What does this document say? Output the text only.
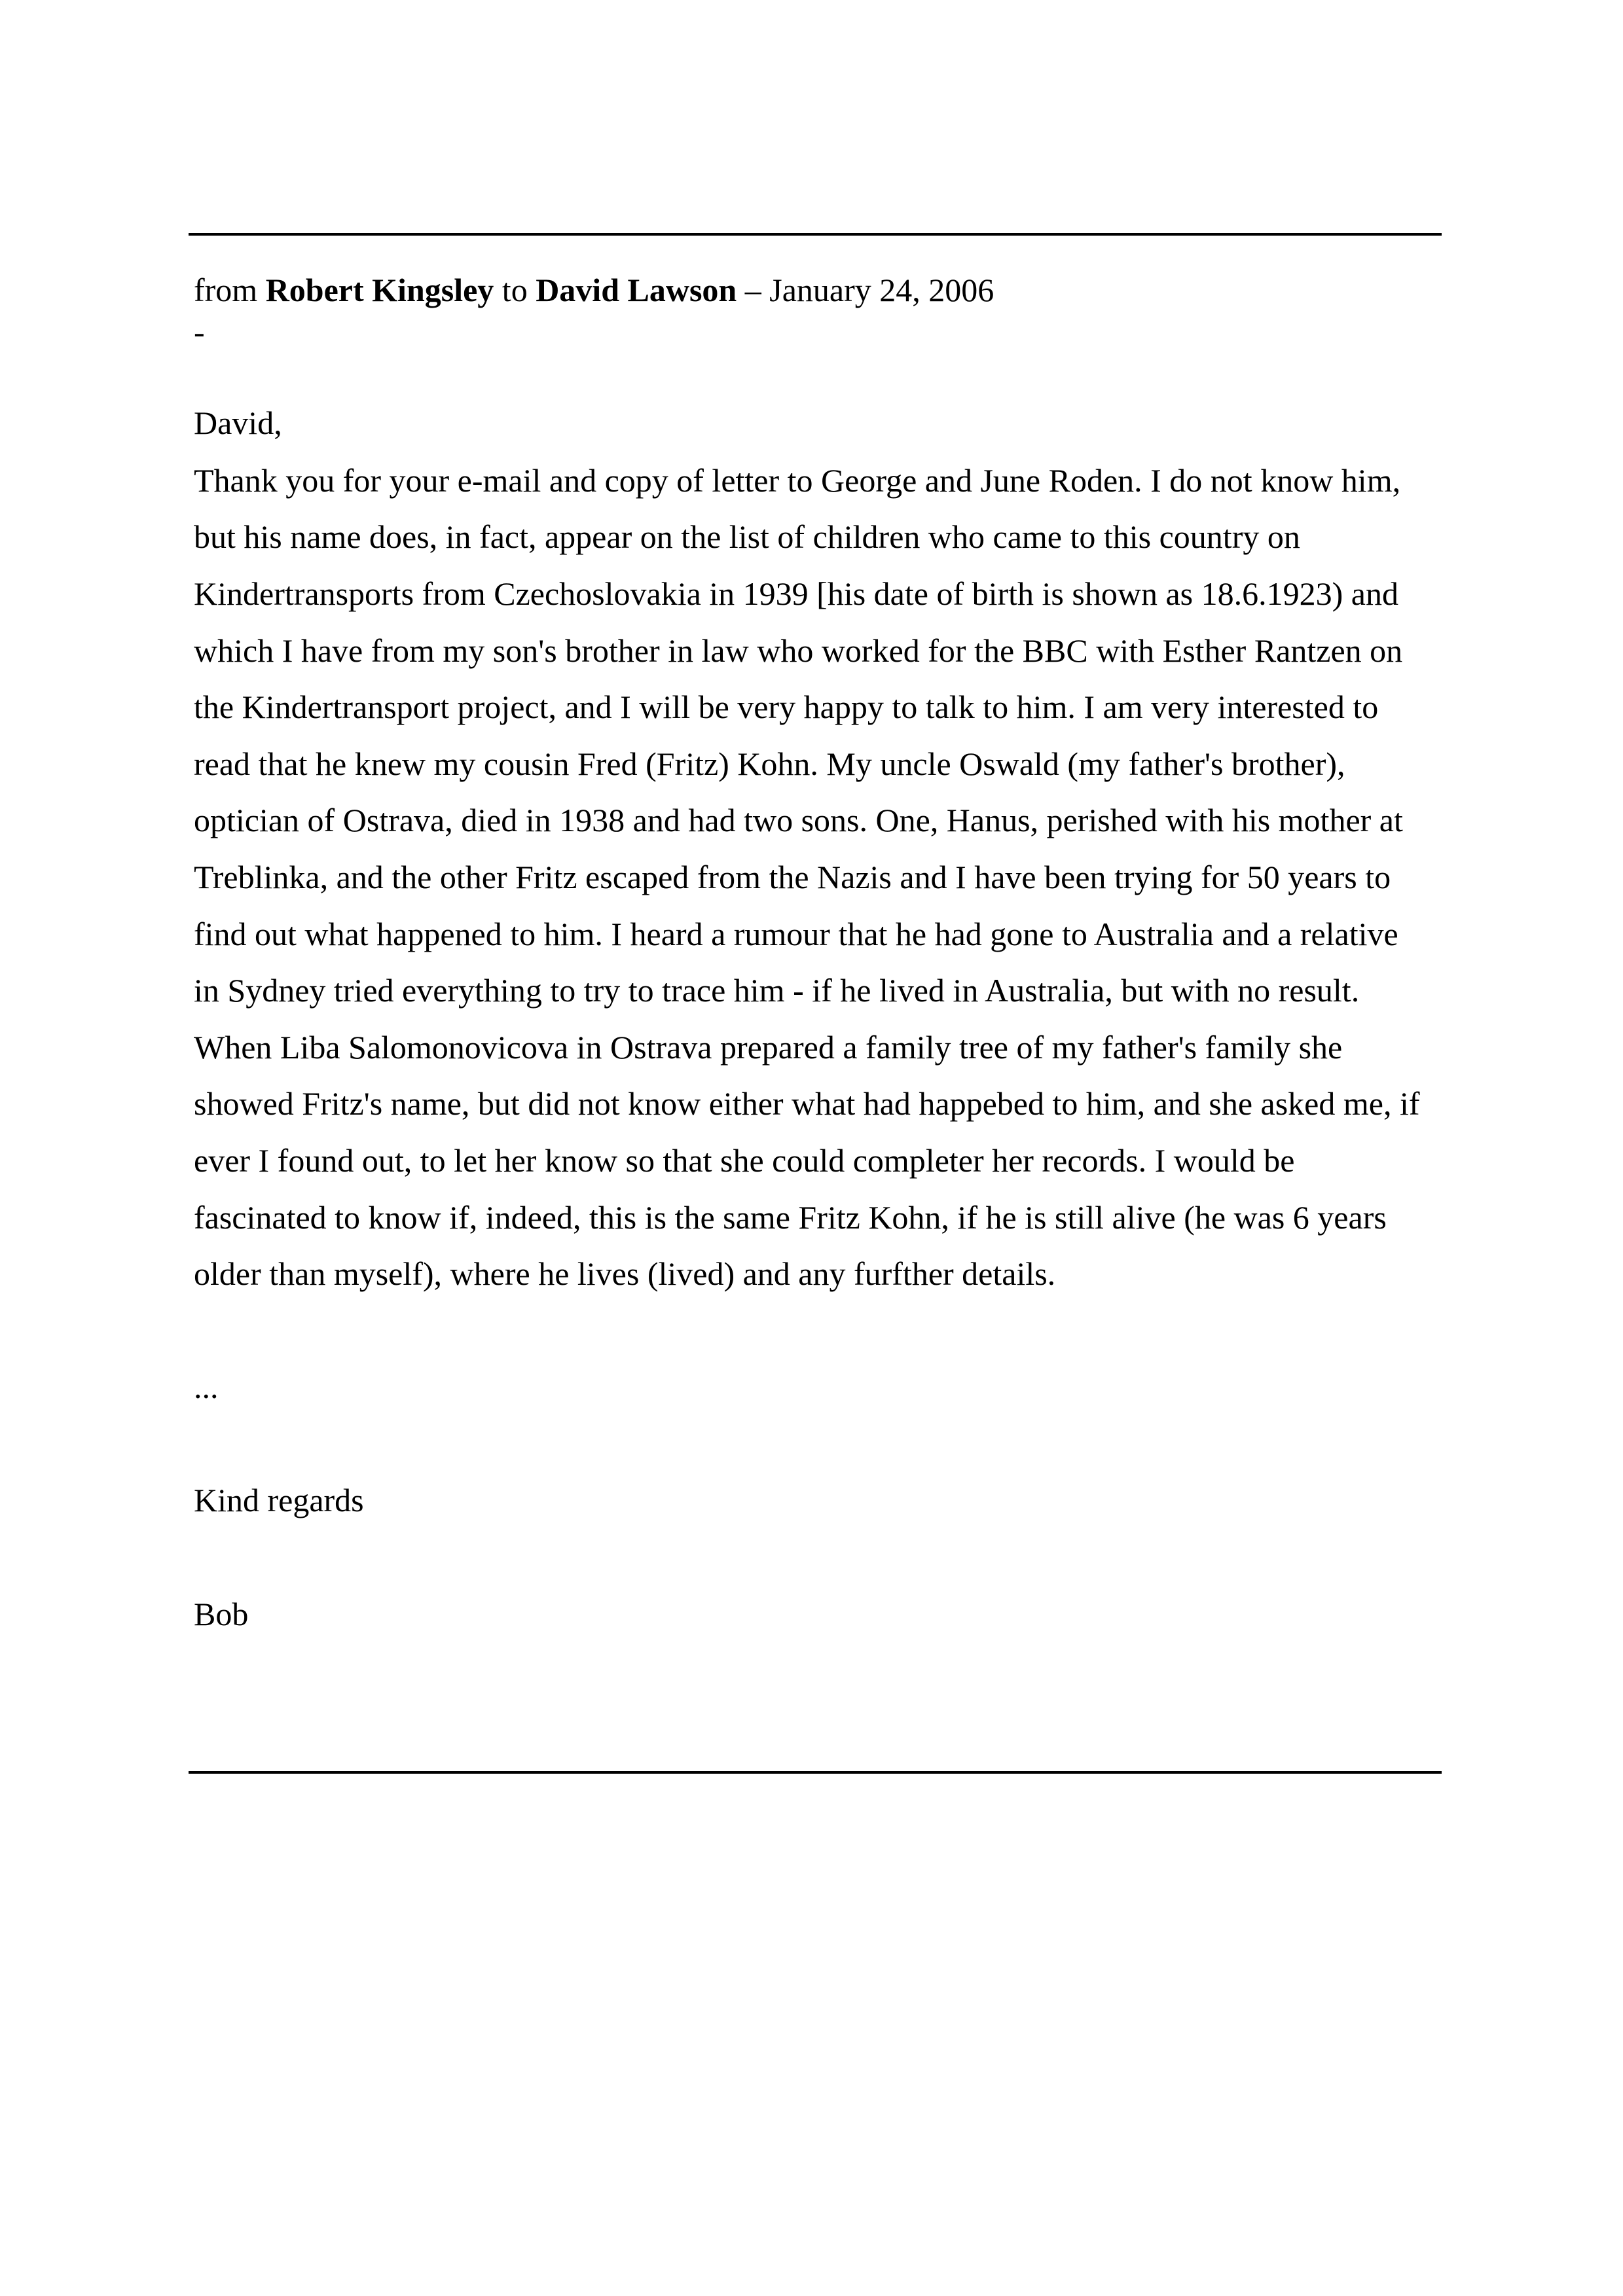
from Robert Kingsley to David Lawson – January 24, 2006

-

David,

Thank you for your e-mail and copy of letter to George and June Roden. I do not know him,

but his name does, in fact, appear on the list of children who came to this country on

Kindertransports from Czechoslovakia in 1939 [his date of birth is shown as 18.6.1923) and

which I have from my son's brother in law who worked for the BBC with Esther Rantzen on

the Kindertransport project, and I will be very happy to talk to him. I am very interested to

read that he knew my cousin Fred (Fritz) Kohn. My uncle Oswald (my father's brother),

optician of Ostrava, died in 1938 and had two sons. One, Hanus, perished with his mother at

Treblinka, and the other Fritz escaped from the Nazis and I have been trying for 50 years to

find out what happened to him. I heard a rumour that he had gone to Australia and a relative

in Sydney tried everything to try to trace him - if he lived in Australia, but with no result.

When Liba Salomonovicova in Ostrava prepared a family tree of my father's family she

showed Fritz's name, but did not know either what had happebed to him, and she asked me, if

ever I found out, to let her know so that she could completer her records. I would be

fascinated to know if, indeed, this is the same Fritz Kohn, if he is still alive (he was 6 years

older than myself), where he lives (lived) and any furfther details.

...

Kind regards

Bob
